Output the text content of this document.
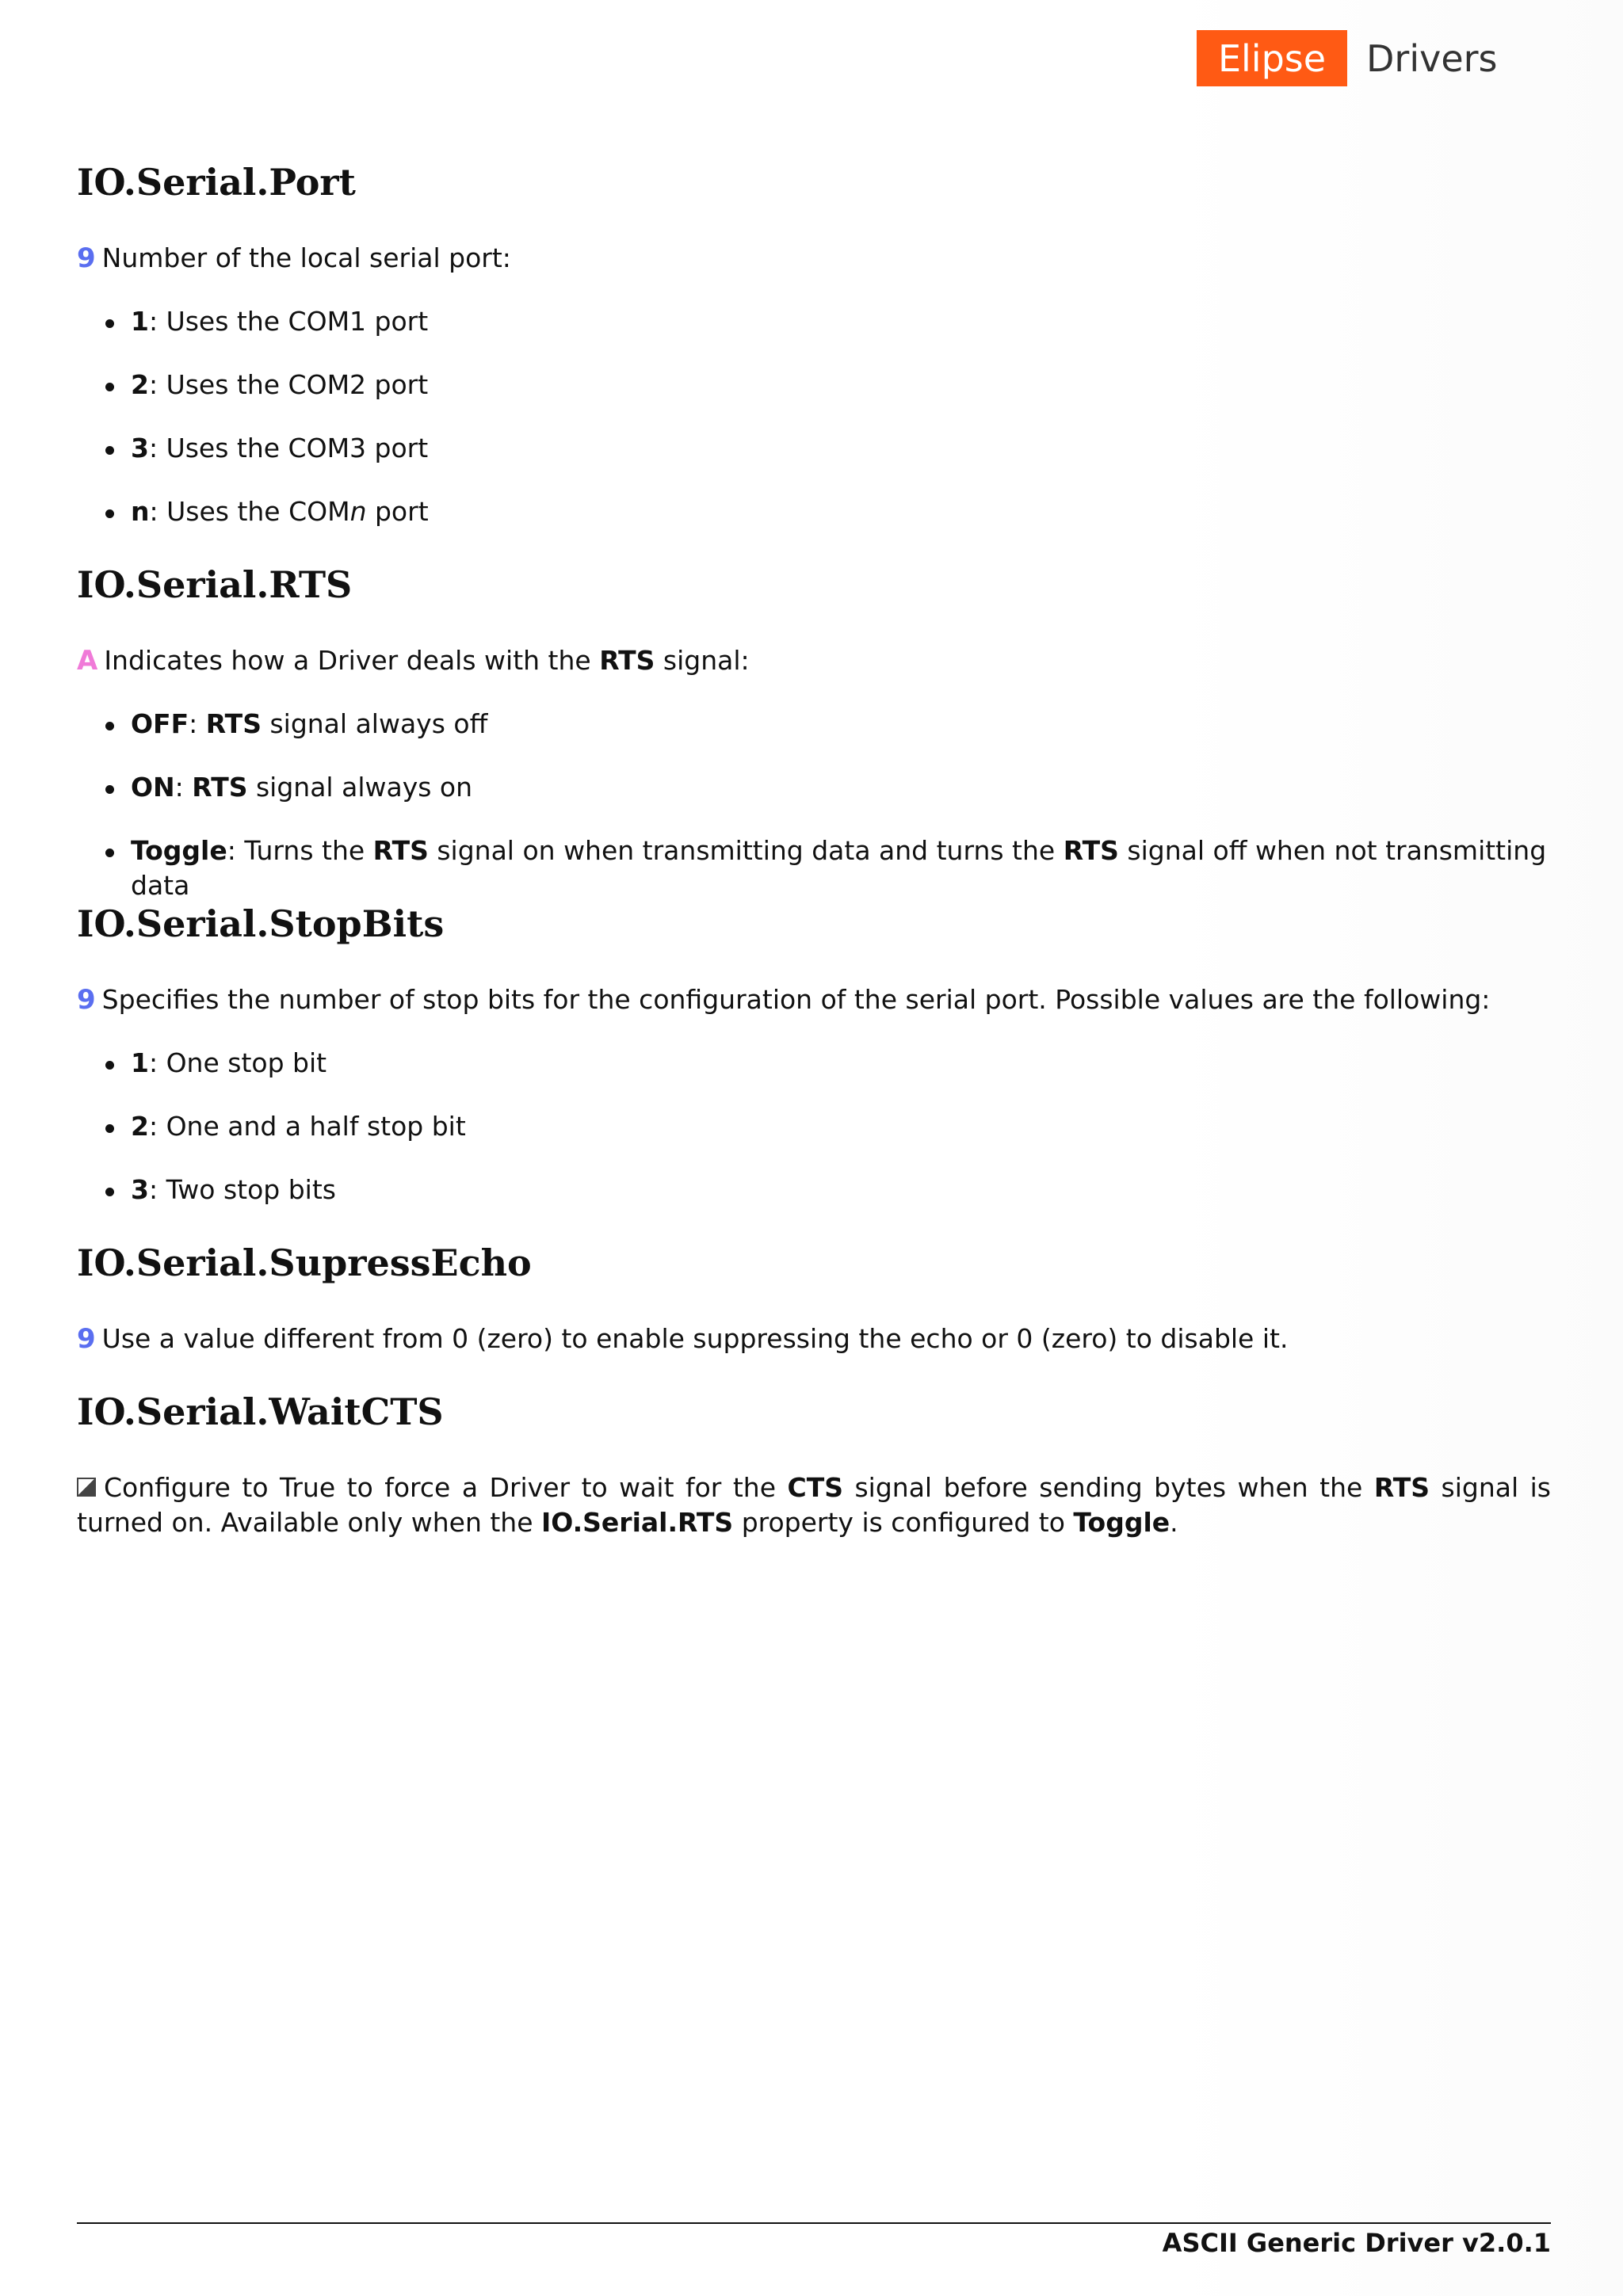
Elipse	Drivers
IO.Serial.Port

9 Number of the local serial port:

1: Uses the COM1 port
2: Uses the COM2 port
3: Uses the COM3 port
n: Uses the COMn port
IO.Serial.RTS

A Indicates how a Driver deals with the RTS signal:

OFF: RTS signal always off
ON: RTS signal always on
Toggle: Turns the RTS signal on when transmitting data and turns the RTS signal off when not transmitting data
IO.Serial.StopBits

9 Specifies the number of stop bits for the configuration of the serial port. Possible values are the following:

1: One stop bit
2: One and a half stop bit
3: Two stop bits
IO.Serial.SupressEcho

9 Use a value different from 0 (zero) to enable suppressing the echo or 0 (zero) to disable it.

IO.Serial.WaitCTS

Configure to True to force a Driver to wait for the CTS signal before sending bytes when the RTS signal is turned on. Available only when the IO.Serial.RTS property is configured to Toggle.

ASCII Generic Driver v2.0.1
